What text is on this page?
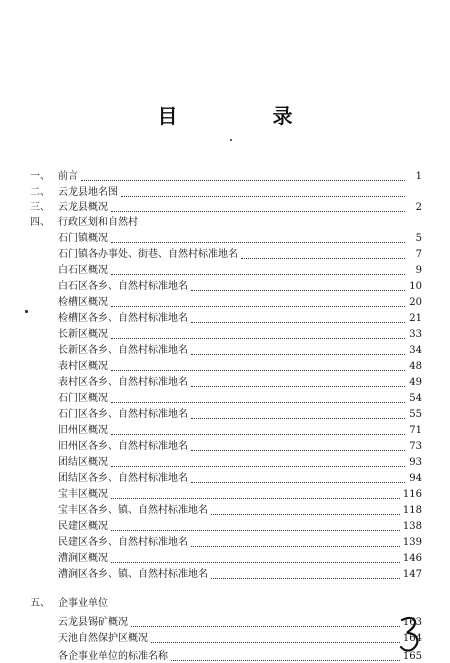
目 录
一、 前言	1
二、 云龙县地名图
三、 云龙县概况	2
四、 行政区划和自然村
石门镇概况	5
石门镇各办事处、街巷、自然村标准地名	7
白石区概况	9
白石区各乡、自然村标准地名	10
检槽区概况	20
检槽区各乡、自然村标准地名	21
长新区概况	33
长新区各乡、自然村标准地名	34
表村区概况	48
表村区各乡、自然村标准地名	49
石门区概况	54
石门区各乡、自然村标准地名	55
旧州区概况	71
旧州区各乡、自然村标准地名	73
团结区概况	93
团结区各乡、自然村标准地名	94
宝丰区概况	116
宝丰区各乡、镇、自然村标准地名	118
民建区概况	138
民建区各乡、自然村标准地名	139
漕涧区概况	146
漕涧区各乡、镇、自然村标准地名	147
五、 企事业单位
云龙县锡矿概况	163
天池自然保护区概况	164
各企事业单位的标准名称	165
